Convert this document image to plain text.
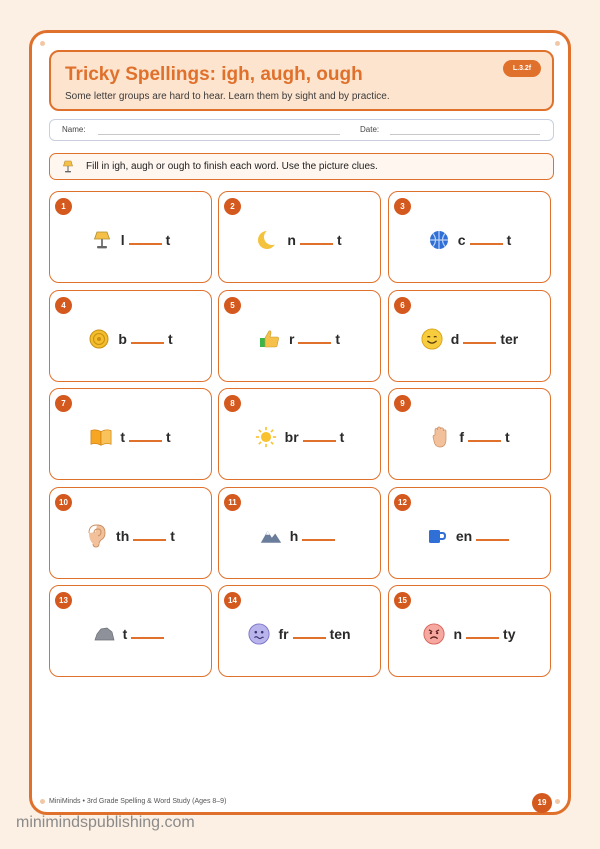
Tricky Spellings: igh, augh, ough
Some letter groups are hard to hear. Learn them by sight and by practice.
L.3.2f
Name:	Date:
Fill in igh, augh or ough to finish each word. Use the picture clues.
1
l	t
2
n	t
3
c	t
4
b	t
5
r	t
6
d	ter
7
t	t
8
br	t
9
f	t
10
th	t
11
h
12
en
13
t
14
fr	ten
15
n	ty
MiniMinds • 3rd Grade Spelling & Word Study (Ages 8–9)	19
minimindspublishing.com
